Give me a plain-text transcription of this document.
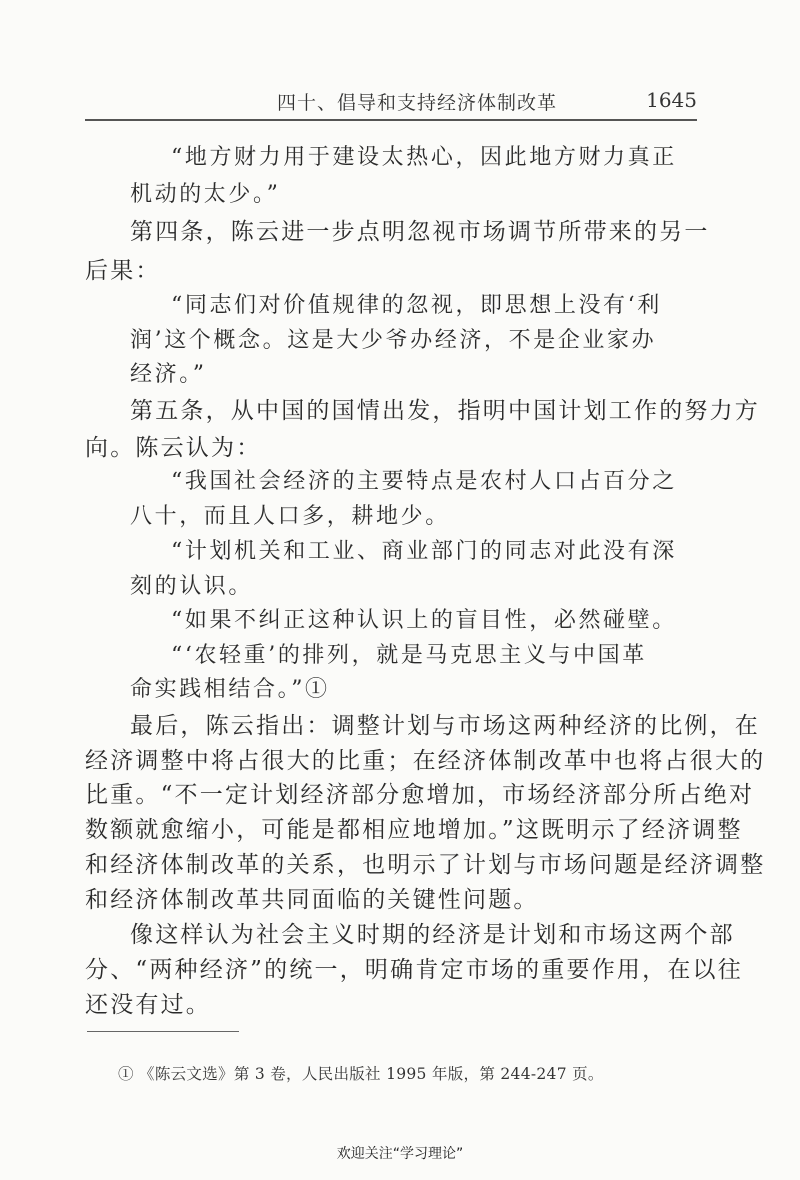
四十、倡导和支持经济体制改革	1645
“地方财力用于建设太热心，因此地方财力真正
机动的太少。”
第四条，陈云进一步点明忽视市场调节所带来的另一
后果：
“同志们对价值规律的忽视，即思想上没有‘利
润’这个概念。这是大少爷办经济，不是企业家办
经济。”
第五条，从中国的国情出发，指明中国计划工作的努力方
向。陈云认为：
“我国社会经济的主要特点是农村人口占百分之
八十，而且人口多，耕地少。
“计划机关和工业、商业部门的同志对此没有深
刻的认识。
“如果不纠正这种认识上的盲目性，必然碰壁。
“‘农轻重’的排列，就是马克思主义与中国革
命实践相结合。”①
最后，陈云指出：调整计划与市场这两种经济的比例，在
经济调整中将占很大的比重；在经济体制改革中也将占很大的
比重。“不一定计划经济部分愈增加，市场经济部分所占绝对
数额就愈缩小，可能是都相应地增加。”这既明示了经济调整
和经济体制改革的关系，也明示了计划与市场问题是经济调整
和经济体制改革共同面临的关键性问题。
像这样认为社会主义时期的经济是计划和市场这两个部
分、“两种经济”的统一，明确肯定市场的重要作用，在以往
还没有过。
① 《陈云文选》第 3 卷，人民出版社 1995 年版，第 244-247 页。
欢迎关注“学习理论”
